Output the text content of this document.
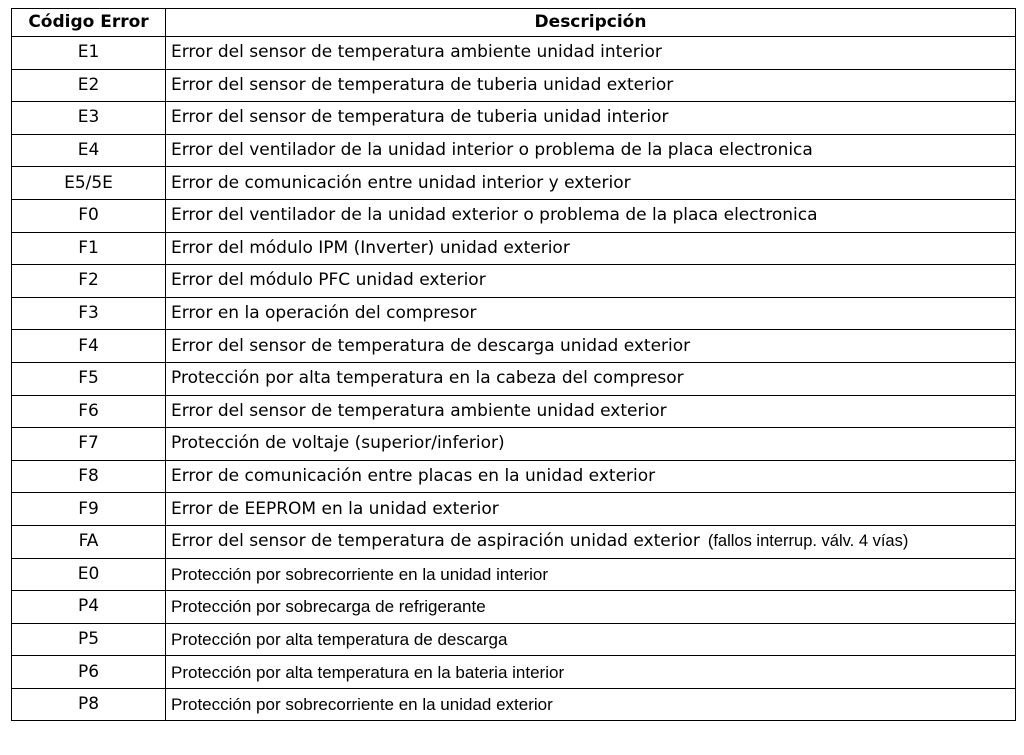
Código Error	Descripción
E1	Error del sensor de temperatura ambiente unidad interior
E2	Error del sensor de temperatura de tuberia unidad exterior
E3	Error del sensor de temperatura de tuberia unidad interior
E4	Error del ventilador de la unidad interior o problema de la placa electronica
E5/5E	Error de comunicación entre unidad interior y exterior
F0	Error del ventilador de la unidad exterior o problema de la placa electronica
F1	Error del módulo IPM (Inverter) unidad exterior
F2	Error del módulo PFC unidad exterior
F3	Error en la operación del compresor
F4	Error del sensor de temperatura de descarga unidad exterior
F5	Protección por alta temperatura en la cabeza del compresor
F6	Error del sensor de temperatura ambiente unidad exterior
F7	Protección de voltaje (superior/inferior)
F8	Error de comunicación entre placas en la unidad exterior
F9	Error de EEPROM en la unidad exterior
FA	Error del sensor de temperatura de aspiración unidad exterior (fallos interrup. válv. 4 vías)
E0	Protección por sobrecorriente en la unidad interior
P4	Protección por sobrecarga de refrigerante
P5	Protección por alta temperatura de descarga
P6	Protección por alta temperatura en la bateria interior
P8	Protección por sobrecorriente en la unidad exterior
